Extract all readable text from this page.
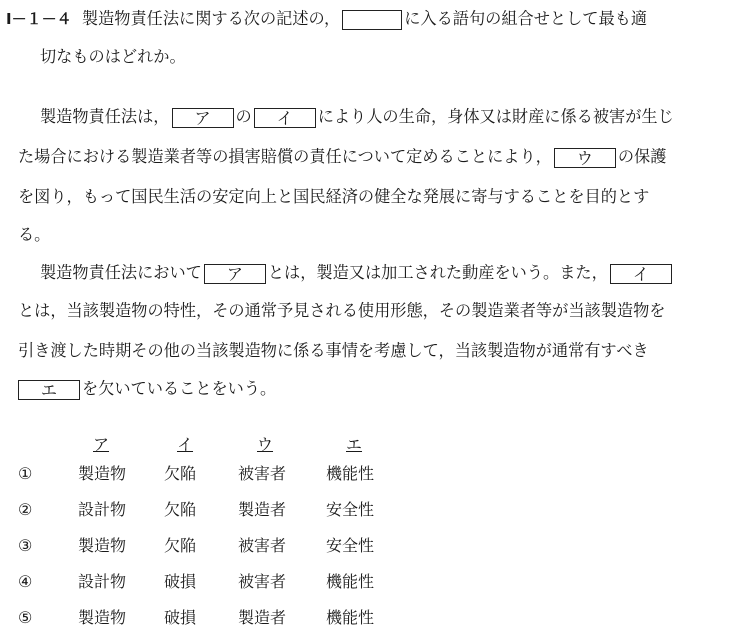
Ⅰ－１－４ 製造物責任法に関する次の記述の，	に入る語句の組合せとして最も適
切なものはどれか。
製造物責任法は， ア の イ により人の生命，身体又は財産に係る被害が生じ
た場合における製造業者等の損害賠償の責任について定めることにより， ウ の保護
を図り，もって国民生活の安定向上と国民経済の健全な発展に寄与することを目的とす
る。
製造物責任法において ア とは，製造又は加工された動産をいう。また， イ
とは，当該製造物の特性，その通常予見される使用形態，その製造業者等が当該製造物を
引き渡した時期その他の当該製造物に係る事情を考慮して，当該製造物が通常有すべき
エ を欠いていることをいう。
ア	イ	ウ	エ
①	製造物 欠陥	被害者 機能性
②	設計物 欠陥	製造者 安全性
③	製造物 欠陥	被害者 安全性
④	設計物 破損	被害者 機能性
⑤	製造物 破損	製造者 機能性
